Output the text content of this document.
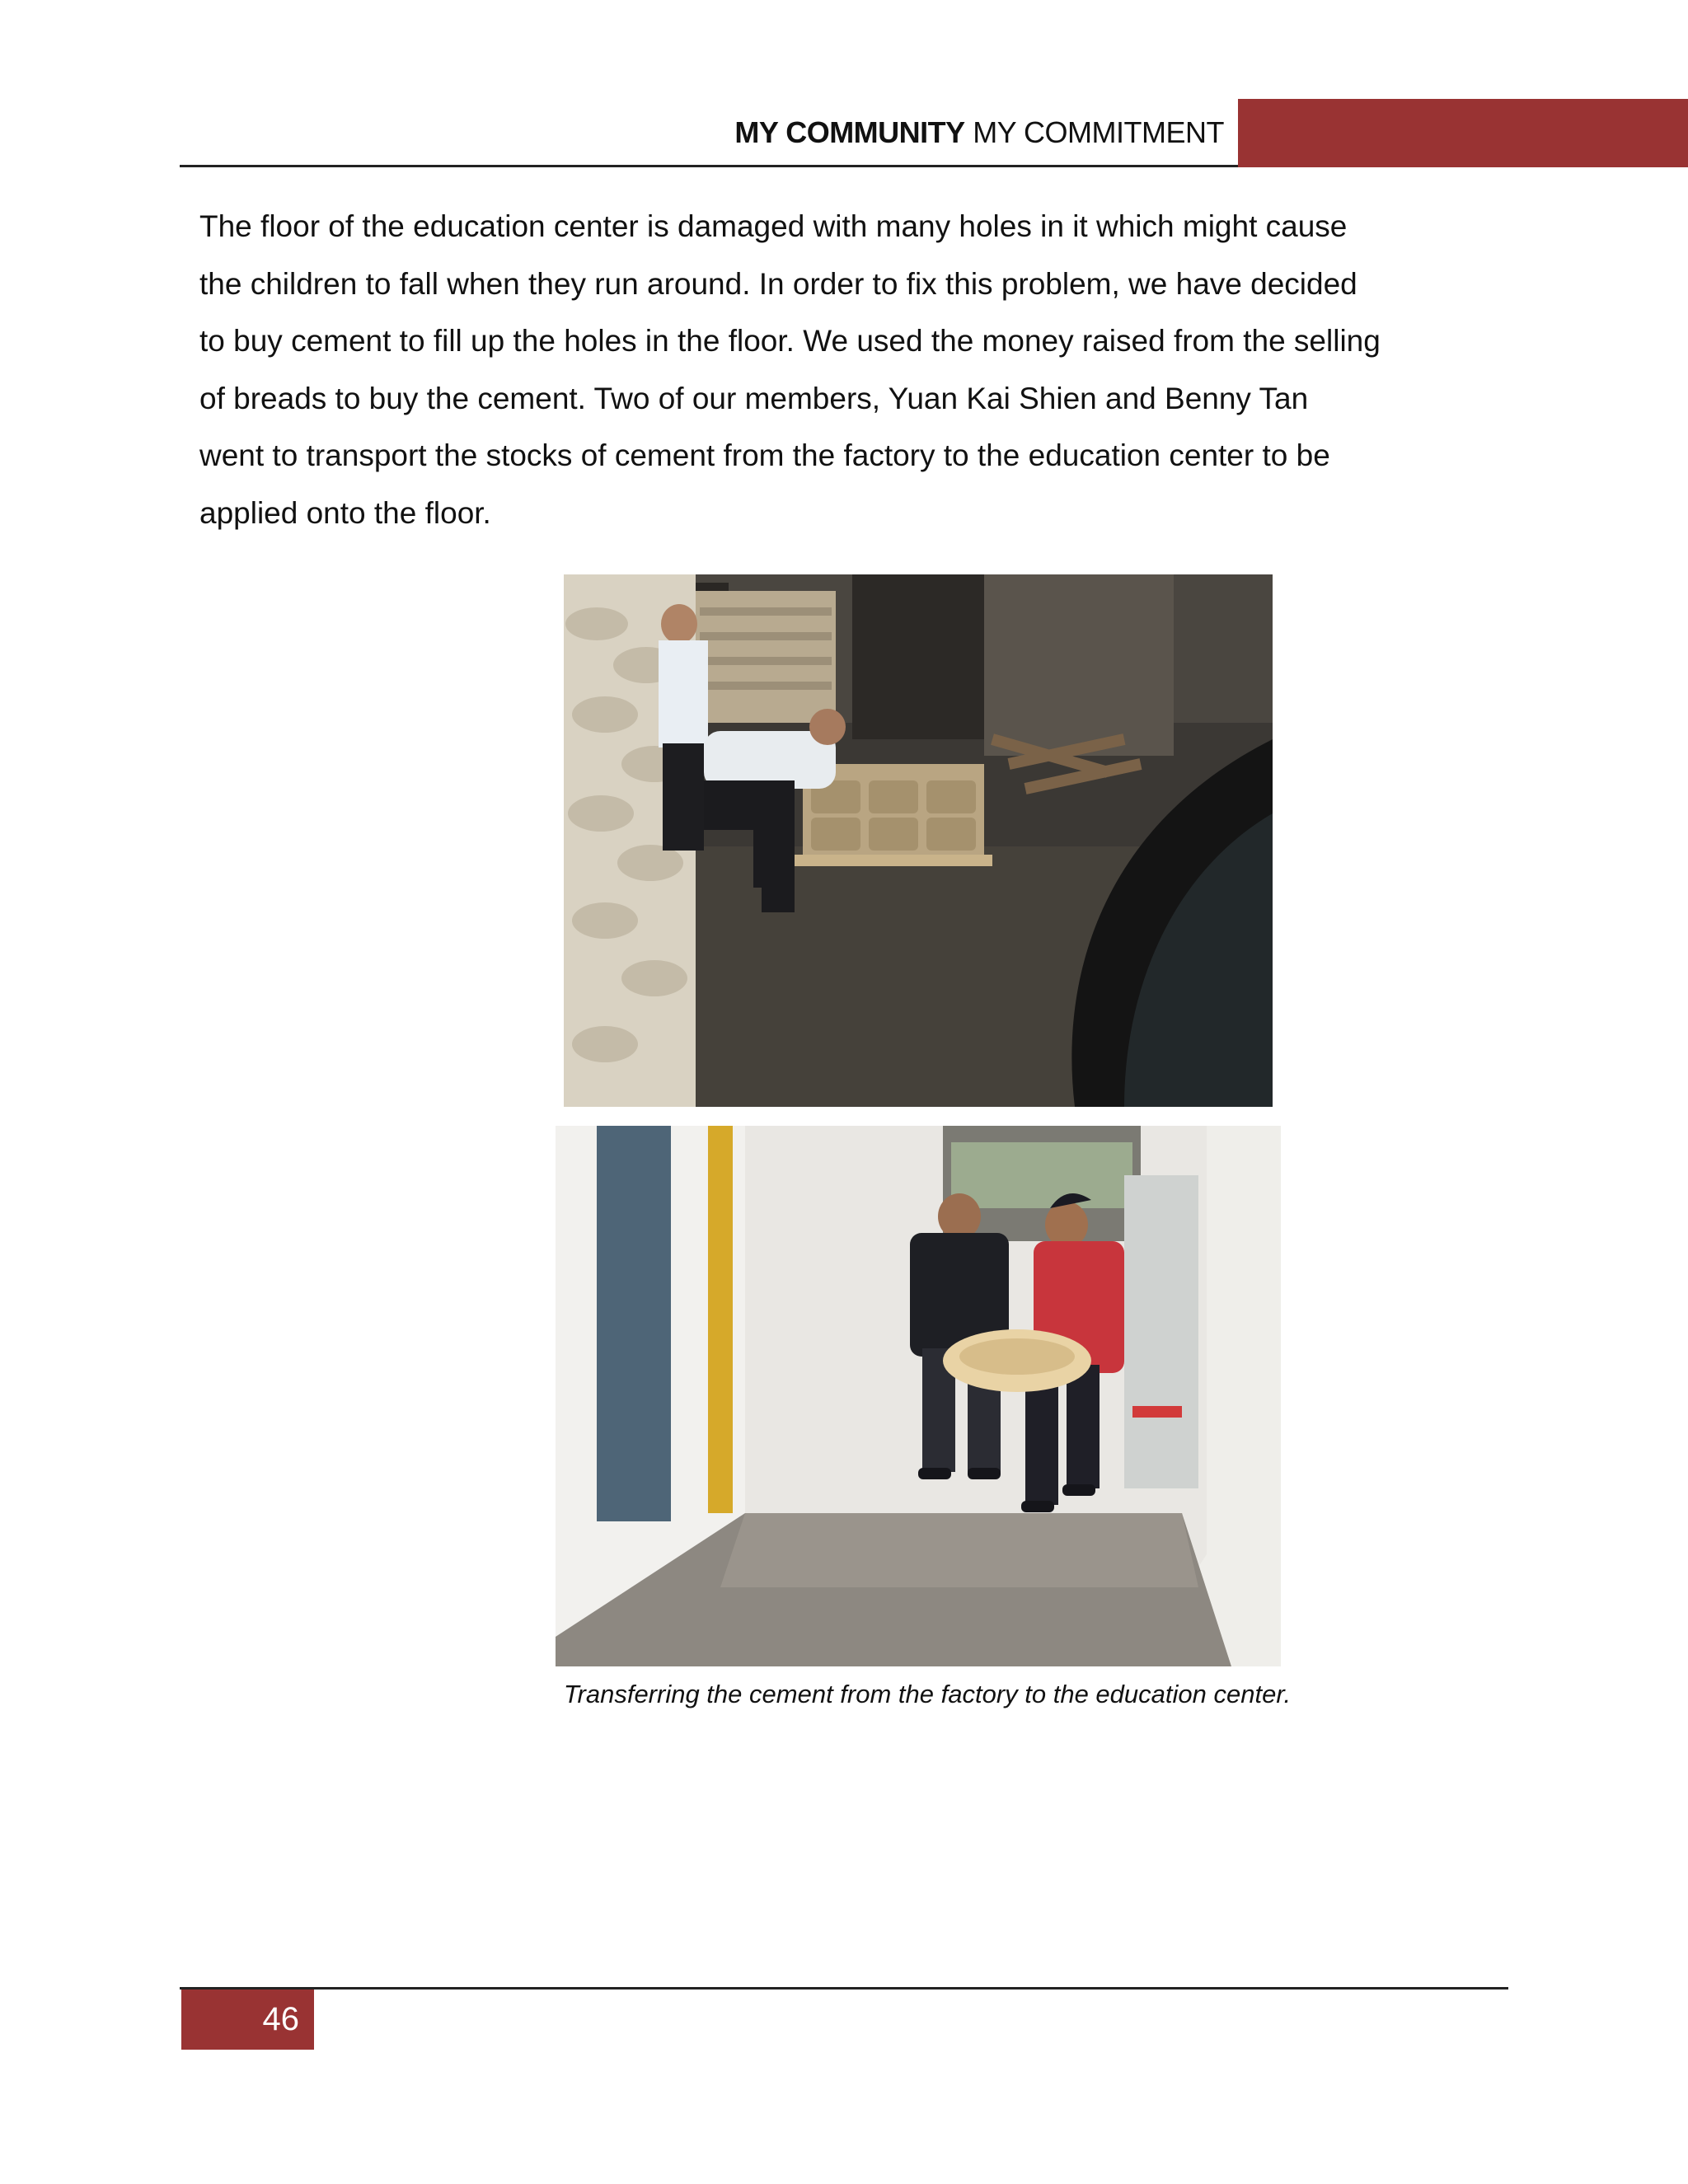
MY COMMUNITY MY COMMITMENT

The floor of the education center is damaged with many holes in it which might cause

the children to fall when they run around. In order to fix this problem, we have decided

to buy cement to fill up the holes in the floor. We used the money raised from the selling

of breads to buy the cement. Two of our members, Yuan Kai Shien and Benny Tan

went to transport the stocks of cement from the factory to the education center to be

applied onto the floor.

Transferring the cement from the factory to the education center.
46
